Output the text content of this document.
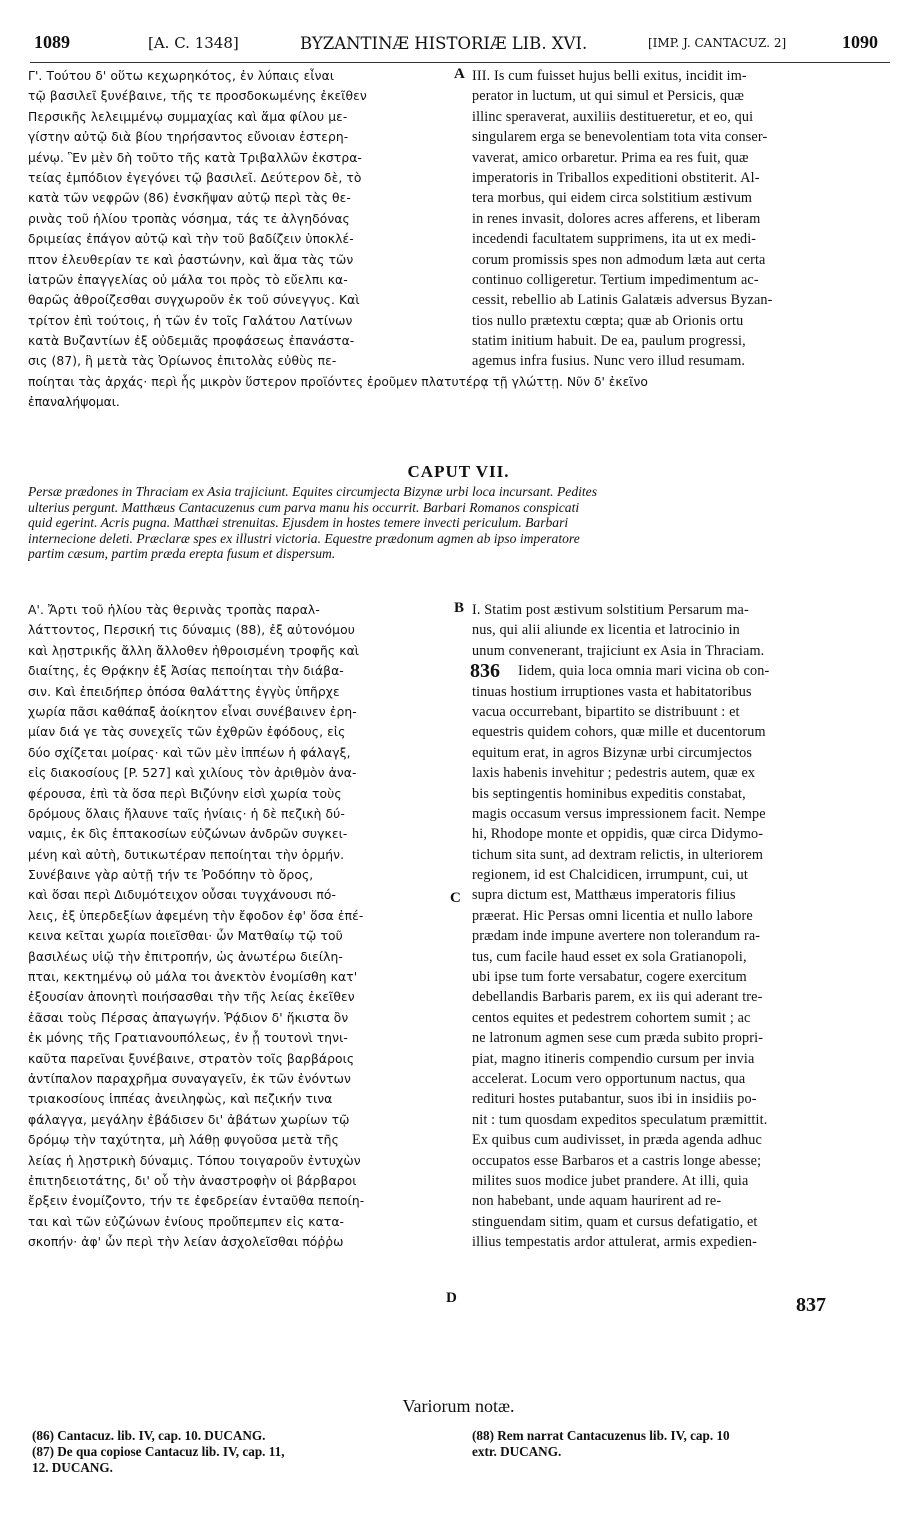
1089	[A. C. 1348]	BYZANTINÆ HISTORIÆ LIB. XVI.	[IMP. J. CANTACUZ. 2]	1090
Γ'. Τούτου δ' οὕτω κεχωρηκότος, ἐν λύπαις εἶναι
τῷ βασιλεῖ ξυνέβαινε, τῆς τε προσδοκωμένης ἐκεῖθεν
Περσικῆς λελειμμένῳ συμμαχίας καὶ ἅμα φίλου με-
γίστην αὐτῷ διὰ βίου τηρήσαντος εὔνοιαν ἐστερη-
μένῳ. Ἓν μὲν δὴ τοῦτο τῆς κατὰ Τριβαλλῶν ἐκστρα-
τείας ἐμπόδιον ἐγεγόνει τῷ βασιλεῖ. Δεύτερον δὲ, τὸ
κατὰ τῶν νεφρῶν (86) ἐνσκῆψαν αὐτῷ περὶ τὰς θε-
ρινὰς τοῦ ἡλίου τροπὰς νόσημα, τάς τε ἀλγηδόνας
δριμείας ἐπάγον αὐτῷ καὶ τὴν τοῦ βαδίζειν ὑποκλέ-
πτον ἐλευθερίαν τε καὶ ῥαστώνην, καὶ ἅμα τὰς τῶν
ἰατρῶν ἐπαγγελίας οὐ μάλα τοι πρὸς τὸ εὔελπι κα-
θαρῶς ἀθροίζεσθαι συγχωροῦν ἐκ τοῦ σύνεγγυς. Καὶ
τρίτον ἐπὶ τούτοις, ἡ τῶν ἐν τοῖς Γαλάτου Λατίνων
κατὰ Βυζαντίων ἐξ οὐδεμιᾶς προφάσεως ἐπανάστα-
σις (87), ἣ μετὰ τὰς Ὀρίωνος ἐπιτολὰς εὐθὺς πε-
III. Is cum fuisset hujus belli exitus, incidit im-
perator in luctum, ut qui simul et Persicis, quæ
illinc speraverat, auxiliis destitueretur, et eo, qui
singularem erga se benevolentiam tota vita conser-
vaverat, amico orbaretur. Prima ea res fuit, quæ
imperatoris in Triballos expeditioni obstiterit. Al-
tera morbus, qui eidem circa solstitium æstivum
in renes invasit, dolores acres afferens, et liberam
incedendi facultatem supprimens, ita ut ex medi-
corum promissis spes non admodum læta aut certa
continuo colligeretur. Tertium impedimentum ac-
cessit, rebellio ab Latinis Galatæis adversus Byzan-
tios nullo prætextu cœpta; quæ ab Orionis ortu
statim initium habuit. De ea, paulum progressi,
agemus infra fusius. Nunc vero illud resumam.
A
ποίηται τὰς ἀρχάς· περὶ ἧς μικρὸν ὕστερον προϊόντες ἐροῦμεν πλατυτέρᾳ τῇ γλώττῃ. Νῦν δ' ἐκεῖνο
ἐπαναλήψομαι.
CAPUT VII.
Persæ prædones in Thraciam ex Asia trajiciunt. Equites circumjecta Bizynæ urbi loca incursant. Pedites
ulterius pergunt. Matthæus Cantacuzenus cum parva manu his occurrit. Barbari Romanos conspicati
quid egerint. Acris pugna. Matthæi strenuitas. Ejusdem in hostes temere invecti periculum. Barbari
internecione deleti. Præclaræ spes ex illustri victoria. Equestre prædonum agmen ab ipso imperatore
partim cæsum, partim præda erepta fusum et dispersum.
Α'. Ἄρτι τοῦ ἡλίου τὰς θερινὰς τροπὰς παραλ-
λάττοντος, Περσική τις δύναμις (88), ἐξ αὐτονόμου
καὶ λῃστρικῆς ἄλλη ἄλλοθεν ἠθροισμένη τροφῆς καὶ
διαίτης, ἐς Θρᾴκην ἐξ Ἀσίας πεποίηται τὴν διάβα-
σιν. Καὶ ἐπειδήπερ ὁπόσα θαλάττης ἐγγὺς ὑπῆρχε
χωρία πᾶσι καθάπαξ ἀοίκητον εἶναι συνέβαινεν ἐρη-
μίαν διά γε τὰς συνεχεῖς τῶν ἐχθρῶν ἐφόδους, εἰς
δύο σχίζεται μοίρας· καὶ τῶν μὲν ἱππέων ἡ φάλαγξ,
εἰς διακοσίους [P. 527] καὶ χιλίους τὸν ἀριθμὸν ἀνα-
φέρουσα, ἐπὶ τὰ ὅσα περὶ Βιζύνην εἰσὶ χωρία τοὺς
δρόμους ὅλαις ἤλαυνε ταῖς ἡνίαις· ἡ δὲ πεζικὴ δύ-
ναμις, ἐκ δὶς ἑπτακοσίων εὐζώνων ἀνδρῶν συγκει-
μένη καὶ αὐτὴ, δυτικωτέραν πεποίηται τὴν ὁρμήν.
Συνέβαινε γὰρ αὐτῇ τήν τε Ῥοδόπην τὸ ὄρος,
καὶ ὅσαι περὶ Διδυμότειχον οὖσαι τυγχάνουσι πό-
λεις, ἐξ ὑπερδεξίων ἀφεμένη τὴν ἔφοδον ἐφ' ὅσα ἐπέ-
κεινα κεῖται χωρία ποιεῖσθαι· ὧν Ματθαίῳ τῷ τοῦ
βασιλέως υἱῷ τὴν ἐπιτροπήν, ὡς ἀνωτέρω διείλη-
πται, κεκτημένῳ οὐ μάλα τοι ἀνεκτὸν ἐνομίσθη κατ'
ἐξουσίαν ἀπονητὶ ποιήσασθαι τὴν τῆς λείας ἐκεῖθεν
ἐᾶσαι τοὺς Πέρσας ἀπαγωγήν. Ῥᾴδιον δ' ἥκιστα ὂν
ἐκ μόνης τῆς Γρατιανουπόλεως, ἐν ᾗ τουτονὶ τηνι-
καῦτα παρεῖναι ξυνέβαινε, στρατὸν τοῖς βαρβάροις
ἀντίπαλον παραχρῆμα συναγαγεῖν, ἐκ τῶν ἐνόντων
τριακοσίους ἱππέας ἀνειληφὼς, καὶ πεζικήν τινα
φάλαγγα, μεγάλην ἐβάδισεν δι' ἀβάτων χωρίων τῷ
δρόμῳ τὴν ταχύτητα, μὴ λάθῃ φυγοῦσα μετὰ τῆς
λείας ἡ λῃστρικὴ δύναμις. Τόπου τοιγαροῦν ἐντυχὼν
ἐπιτηδειοτάτης, δι' οὗ τὴν ἀναστροφὴν οἱ βάρβαροι
ἔρξειν ἐνομίζοντο, τήν τε ἐφεδρείαν ἐνταῦθα πεποίη-
ται καὶ τῶν εὐζώνων ἐνίους προὔπεμπεν εἰς κατα-
σκοπήν· ἀφ' ὧν περὶ τὴν λείαν ἀσχολεῖσθαι πόῤῥω
I. Statim post æstivum solstitium Persarum ma-
nus, qui alii aliunde ex licentia et latrocinio in
unum convenerant, trajiciunt ex Asia in Thraciam.
Iidem, quia loca omnia mari vicina ob con-
tinuas hostium irruptiones vasta et habitatoribus
vacua occurrebant, bipartito se distribuunt : et
equestris quidem cohors, quæ mille et ducentorum
equitum erat, in agros Bizynæ urbi circumjectos
laxis habenis invehitur ; pedestris autem, quæ ex
bis septingentis hominibus expeditis constabat,
magis occasum versus impressionem facit. Nempe
hi, Rhodope monte et oppidis, quæ circa Didymo-
tichum sita sunt, ad dextram relictis, in ulteriorem
regionem, id est Chalcidicen, irrumpunt, cui, ut
supra dictum est, Matthæus imperatoris filius
præerat. Hic Persas omni licentia et nullo labore
prædam inde impune avertere non tolerandum ra-
tus, cum facile haud esset ex sola Gratianopoli,
ubi ipse tum forte versabatur, cogere exercitum
debellandis Barbaris parem, ex iis qui aderant tre-
centos equites et pedestrem cohortem sumit ; ac
ne latronum agmen sese cum præda subito propri-
piat, magno itineris compendio cursum per invia
accelerat. Locum vero opportunum nactus, qua
redituri hostes putabantur, suos ibi in insidiis po-
nit : tum quosdam expeditos speculatum præmittit.
Ex quibus cum audivisset, in præda agenda adhuc
occupatos esse Barbaros et a castris longe abesse;
milites suos modice jubet prandere. At illi, quia
non habebant, unde aquam haurirent ad re-
stinguendam sitim, quam et cursus defatigatio, et
illius tempestatis ardor attulerat, armis expedien-
B
C
D
836
837
Variorum notæ.
(86) Cantacuz. lib. IV, cap. 10. DUCANG.
(87) De qua copiose Cantacuz lib. IV, cap. 11,
12. DUCANG.
(88) Rem narrat Cantacuzenus lib. IV, cap. 10
extr. DUCANG.
